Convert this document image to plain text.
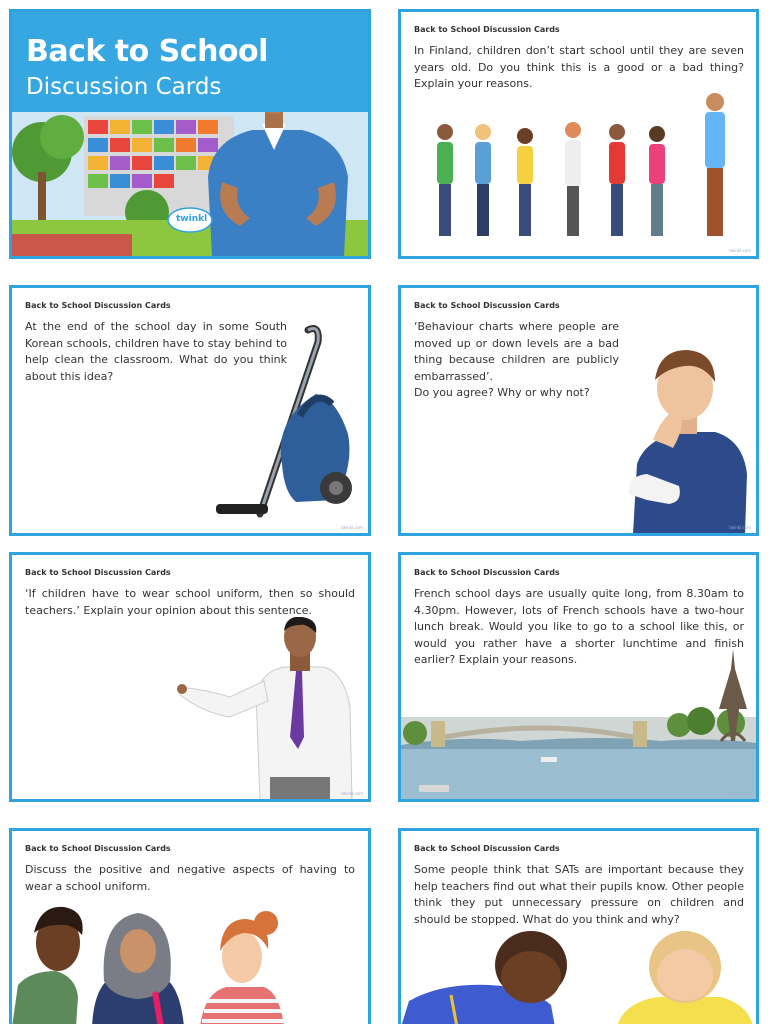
Back to School
Discussion Cards
twinkl
Back to School Discussion Cards
In Finland, children don’t start school until they are seven years old. Do you think this is a good or a bad thing? Explain your reasons.
twinkl.com
Back to School Discussion Cards
At the end of the school day in some South Korean schools, children have to stay behind to help clean the classroom. What do you think about this idea?
twinkl.com
Back to School Discussion Cards
‘Behaviour charts where people are moved up or down levels are a bad thing because children are publicly embarrassed’.
Do you agree? Why or why not?
twinkl.com
Back to School Discussion Cards
‘If children have to wear school uniform, then so should teachers.’ Explain your opinion about this sentence.
twinkl.com
Back to School Discussion Cards
French school days are usually quite long, from 8.30am to 4.30pm. However, lots of French schools have a two-hour lunch break. Would you like to go to a school like this, or would you rather have a shorter lunchtime and finish earlier? Explain your reasons.
twinkl.com
Back to School Discussion Cards
Discuss the positive and negative aspects of having to wear a school uniform.
Back to School Discussion Cards
Some people think that SATs are important because they help teachers find out what their pupils know. Other people think they put unnecessary pressure on children and should be stopped. What do you think and why?
